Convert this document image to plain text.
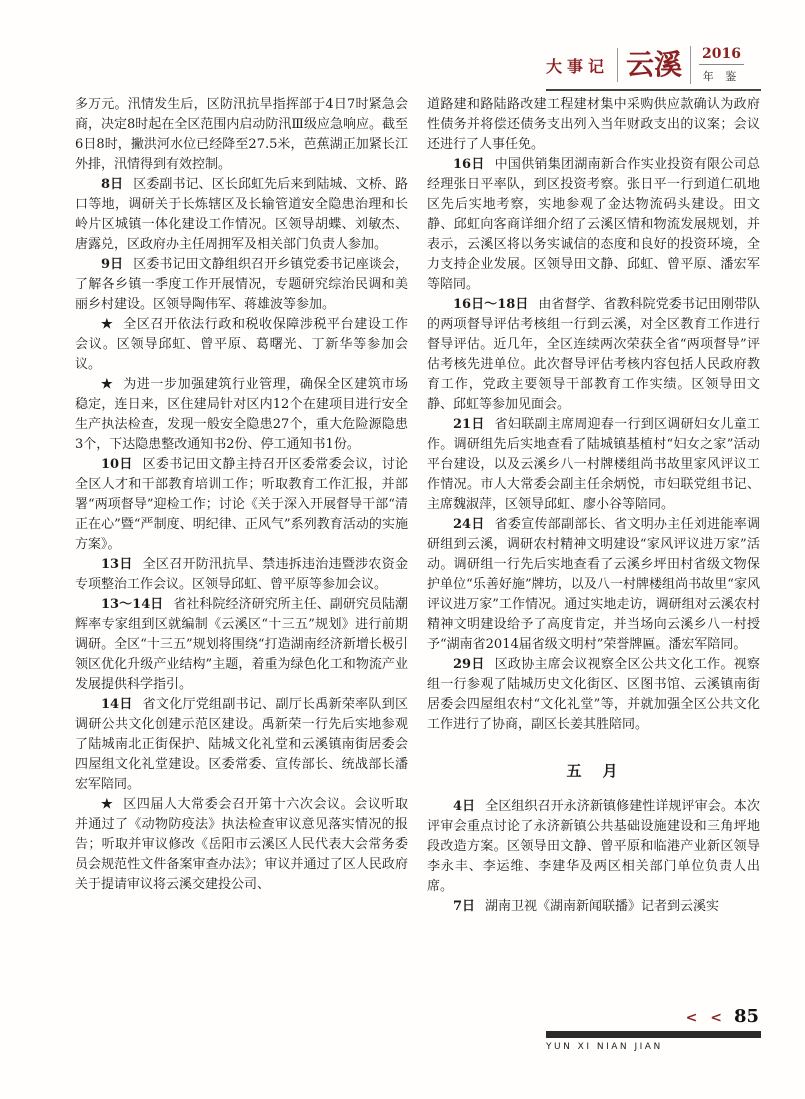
大事记 云溪 2016
年 鉴

多万元。汛情发生后，区防汛抗旱指挥部于4日7时紧急会商，决定8时起在全区范围内启动防汛Ⅲ级应急响应。截至6日8时，撇洪河水位已经降至27.5米，芭蕉湖正加紧长江外排，汛情得到有效控制。

8日 区委副书记、区长邱虹先后来到陆城、文桥、路口等地，调研关于长炼辖区及长输管道安全隐患治理和长岭片区城镇一体化建设工作情况。区领导胡蝶、刘敏杰、唐露兑，区政府办主任周拥军及相关部门负责人参加。

9日 区委书记田文静组织召开乡镇党委书记座谈会，了解各乡镇一季度工作开展情况，专题研究综治民调和美丽乡村建设。区领导陶伟军、蒋雄波等参加。

★ 全区召开依法行政和税收保障涉税平台建设工作会议。区领导邱虹、曾平原、葛曙光、丁新华等参加会议。

★ 为进一步加强建筑行业管理，确保全区建筑市场稳定，连日来，区住建局针对区内12个在建项目进行安全生产执法检查，发现一般安全隐患27个，重大危险源隐患3个，下达隐患整改通知书2份、停工通知书1份。

10日 区委书记田文静主持召开区委常委会议，讨论全区人才和干部教育培训工作；听取教育工作汇报，并部署“两项督导”迎检工作；讨论《关于深入开展督导干部“清正在心”暨“严制度、明纪律、正风气”系列教育活动的实施方案》。

13日 全区召开防汛抗旱、禁违拆违治违暨涉农资金专项整治工作会议。区领导邱虹、曾平原等参加会议。

13～14日 省社科院经济研究所主任、副研究员陆潮辉率专家组到区就编制《云溪区“十三五”规划》进行前期调研。全区“十三五”规划将围绕“打造湖南经济新增长极引领区优化升级产业结构”主题，着重为绿色化工和物流产业发展提供科学指引。

14日 省文化厅党组副书记、副厅长禹新荣率队到区调研公共文化创建示范区建设。禹新荣一行先后实地参观了陆城南北正街保护、陆城文化礼堂和云溪镇南街居委会四屋组文化礼堂建设。区委常委、宣传部长、统战部长潘宏军陪同。

★ 区四届人大常委会召开第十六次会议。会议听取并通过了《动物防疫法》执法检查审议意见落实情况的报告；听取并审议修改《岳阳市云溪区人民代表大会常务委员会规范性文件备案审查办法》；审议并通过了区人民政府关于提请审议将云溪交建投公司、

道路建和路陆路改建工程建材集中采购供应款确认为政府性债务并将偿还债务支出列入当年财政支出的议案；会议还进行了人事任免。

16日 中国供销集团湖南新合作实业投资有限公司总经理张日平率队，到区投资考察。张日平一行到道仁矶地区先后实地考察，实地参观了金达物流码头建设。田文静、邱虹向客商详细介绍了云溪区情和物流发展规划，并表示，云溪区将以务实诚信的态度和良好的投资环境，全力支持企业发展。区领导田文静、邱虹、曾平原、潘宏军等陪同。

16日～18日 由省督学、省教科院党委书记田刚带队的两项督导评估考核组一行到云溪，对全区教育工作进行督导评估。近几年，全区连续两次荣获全省“两项督导”评估考核先进单位。此次督导评估考核内容包括人民政府教育工作，党政主要领导干部教育工作实绩。区领导田文静、邱虹等参加见面会。

21日 省妇联副主席周迎春一行到区调研妇女儿童工作。调研组先后实地查看了陆城镇基植村“妇女之家”活动平台建设，以及云溪乡八一村牌楼组尚书故里家风评议工作情况。市人大常委会副主任余炳悦，市妇联党组书记、主席魏淑萍，区领导邱虹、廖小谷等陪同。

24日 省委宣传部副部长、省文明办主任刘进能率调研组到云溪，调研农村精神文明建设“家风评议进万家”活动。调研组一行先后实地查看了云溪乡坪田村省级文物保护单位“乐善好施”牌坊，以及八一村牌楼组尚书故里“家风评议进万家”工作情况。通过实地走访，调研组对云溪农村精神文明建设给予了高度肯定，并当场向云溪乡八一村授予“湖南省2014届省级文明村”荣誉牌匾。潘宏军陪同。

29日 区政协主席会议视察全区公共文化工作。视察组一行参观了陆城历史文化街区、区图书馆、云溪镇南街居委会四屋组农村“文化礼堂”等，并就加强全区公共文化工作进行了协商，副区长姜其胜陪同。

五　月

4日 全区组织召开永济新镇修建性详规评审会。本次评审会重点讨论了永济新镇公共基础设施建设和三角坪地段改造方案。区领导田文静、曾平原和临港产业新区领导李永丰、李运维、李建华及两区相关部门单位负责人出席。

7日 湖南卫视《湖南新闻联播》记者到云溪实

< < 85
YUN XI NIAN JIAN
